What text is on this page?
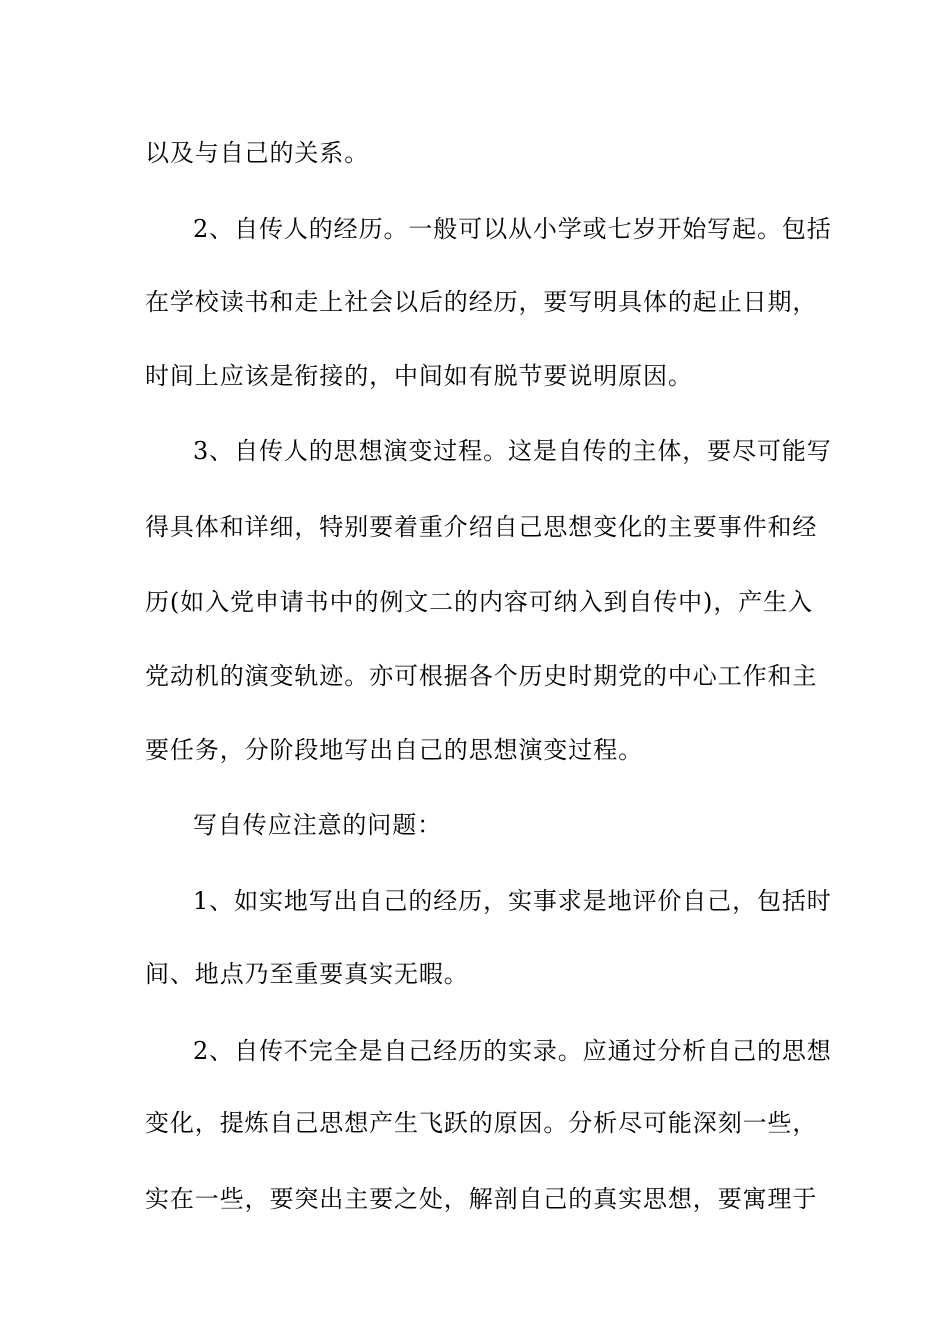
以及与自己的关系。

2、自传人的经历。一般可以从小学或七岁开始写起。包括

在学校读书和走上社会以后的经历，要写明具体的起止日期，

时间上应该是衔接的，中间如有脱节要说明原因。

3、自传人的思想演变过程。这是自传的主体，要尽可能写

得具体和详细，特别要着重介绍自己思想变化的主要事件和经

历(如入党申请书中的例文二的内容可纳入到自传中)，产生入

党动机的演变轨迹。亦可根据各个历史时期党的中心工作和主

要任务，分阶段地写出自己的思想演变过程。

写自传应注意的问题：

1、如实地写出自己的经历，实事求是地评价自己，包括时

间、地点乃至重要真实无暇。

2、自传不完全是自己经历的实录。应通过分析自己的思想

变化，提炼自己思想产生飞跃的原因。分析尽可能深刻一些，

实在一些，要突出主要之处，解剖自己的真实思想，要寓理于
